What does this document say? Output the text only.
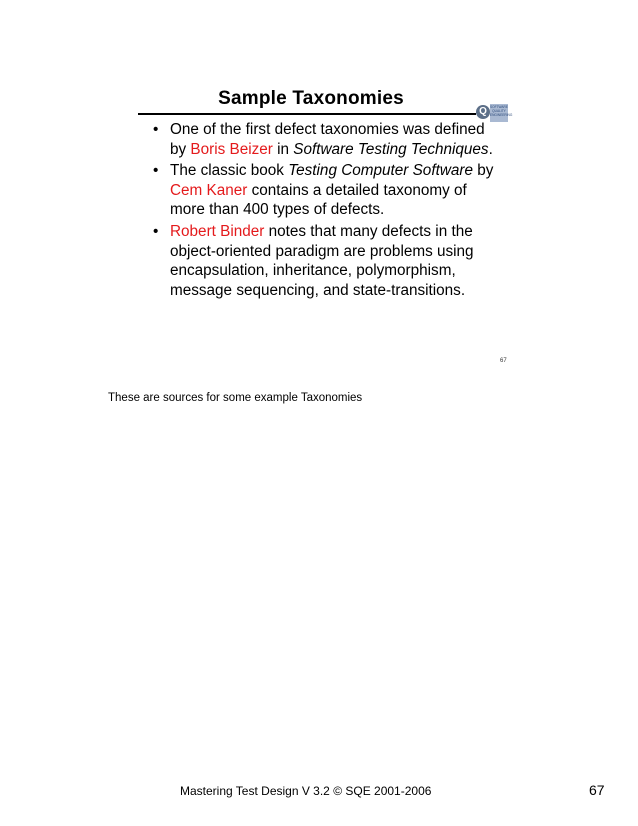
Sample Taxonomies
Q SOFTWARE QUALITY ENGINEERING
• One of the first defect taxonomies was defined by Boris Beizer in Software Testing Techniques.
• The classic book Testing Computer Software by Cem Kaner contains a detailed taxonomy of more than 400 types of defects.
• Robert Binder notes that many defects in the object-oriented paradigm are problems using encapsulation, inheritance, polymorphism, message sequencing, and state-transitions.
67
These are sources for some example Taxonomies
Mastering Test Design V 3.2 © SQE 2001-2006	67
